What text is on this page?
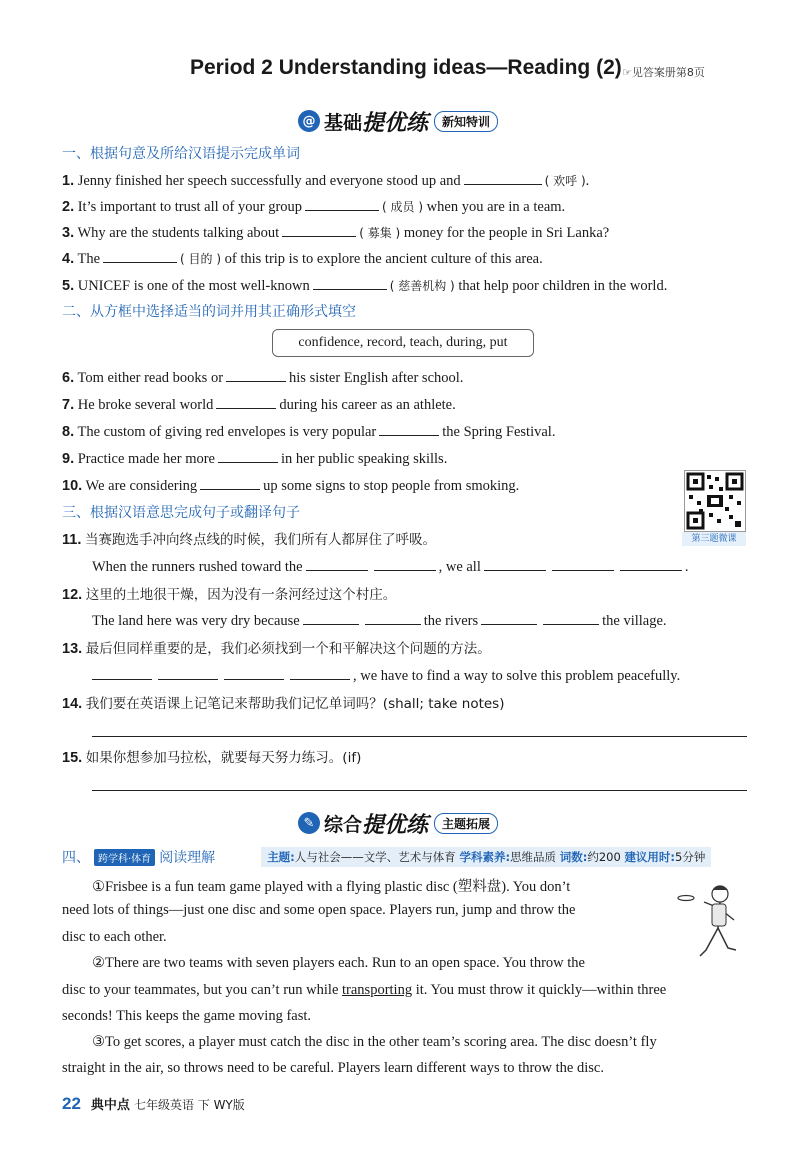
Period 2 Understanding ideas—Reading (2) ☞见答案册第8页
@ 基础 提优练	新知特训
一、根据句意及所给汉语提示完成单词
1. Jenny finished her speech successfully and everyone stood up and	( 欢呼 ).
2. It’s important to trust all of your group	( 成员 ) when you are in a team.
3. Why are the students talking about	( 募集 ) money for the people in Sri Lanka?
4. The	( 目的 ) of this trip is to explore the ancient culture of this area.
5. UNICEF is one of the most well-known	( 慈善机构 ) that help poor children in the world.
二、从方框中选择适当的词并用其正确形式填空
confidence, record, teach, during, put
6. Tom either read books or	his sister English after school.
7. He broke several world	during his career as an athlete.
8. The custom of giving red envelopes is very popular	the Spring Festival.
9. Practice made her more	in her public speaking skills.
10. We are considering	up some signs to stop people from smoking.
三、根据汉语意思完成句子或翻译句子
第三题微课
11. 当赛跑选手冲向终点线的时候，我们所有人都屏住了呼吸。
When the runners rushed toward the	, we all	.
12. 这里的土地很干燥，因为没有一条河经过这个村庄。
The land here was very dry because	the rivers	the village.
13. 最后但同样重要的是，我们必须找到一个和平解决这个问题的方法。
, we have to find a way to solve this problem peacefully.
14. 我们要在英语课上记笔记来帮助我们记忆单词吗？(shall; take notes)
15. 如果你想参加马拉松，就要每天努力练习。(if)
✎ 综合 提优练	主题拓展
四、 跨学科·体育 阅读理解	主题:人与社会——文学、艺术与体育 学科素养:思维品质 词数:约200 建议用时:5分钟
①Frisbee is a fun team game played with a flying plastic disc (塑料盘). You don’t
need lots of things—just one disc and some open space. Players run, jump and throw the
disc to each other.
②There are two teams with seven players each. Run to an open space. You throw the
disc to your teammates, but you can’t run while transporting it. You must throw it quickly—within three
seconds! This keeps the game moving fast.
③To get scores, a player must catch the disc in the other team’s scoring area. The disc doesn’t fly
straight in the air, so throws need to be careful. Players learn different ways to throw the disc.
22 典中点 七年级英语 下 WY版
